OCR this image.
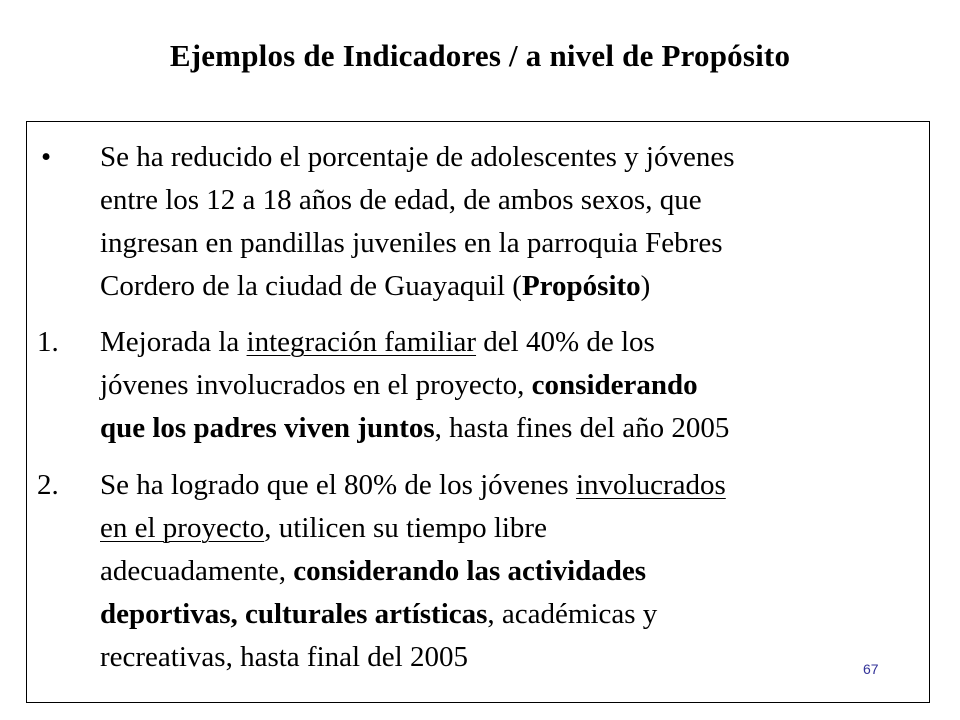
Ejemplos de Indicadores / a nivel de Propósito
• Se ha reducido el porcentaje de adolescentes y jóvenes
entre los 12 a 18 años de edad, de ambos sexos, que
ingresan en pandillas juveniles en la parroquia Febres
Cordero de la ciudad de Guayaquil (Propósito)
1. Mejorada la integración familiar del 40% de los
jóvenes involucrados en el proyecto, considerando
que los padres viven juntos, hasta fines del año 2005
2. Se ha logrado que el 80% de los jóvenes involucrados
en el proyecto, utilicen su tiempo libre
adecuadamente, considerando las actividades
deportivas, culturales artísticas, académicas y
recreativas, hasta final del 2005	67
